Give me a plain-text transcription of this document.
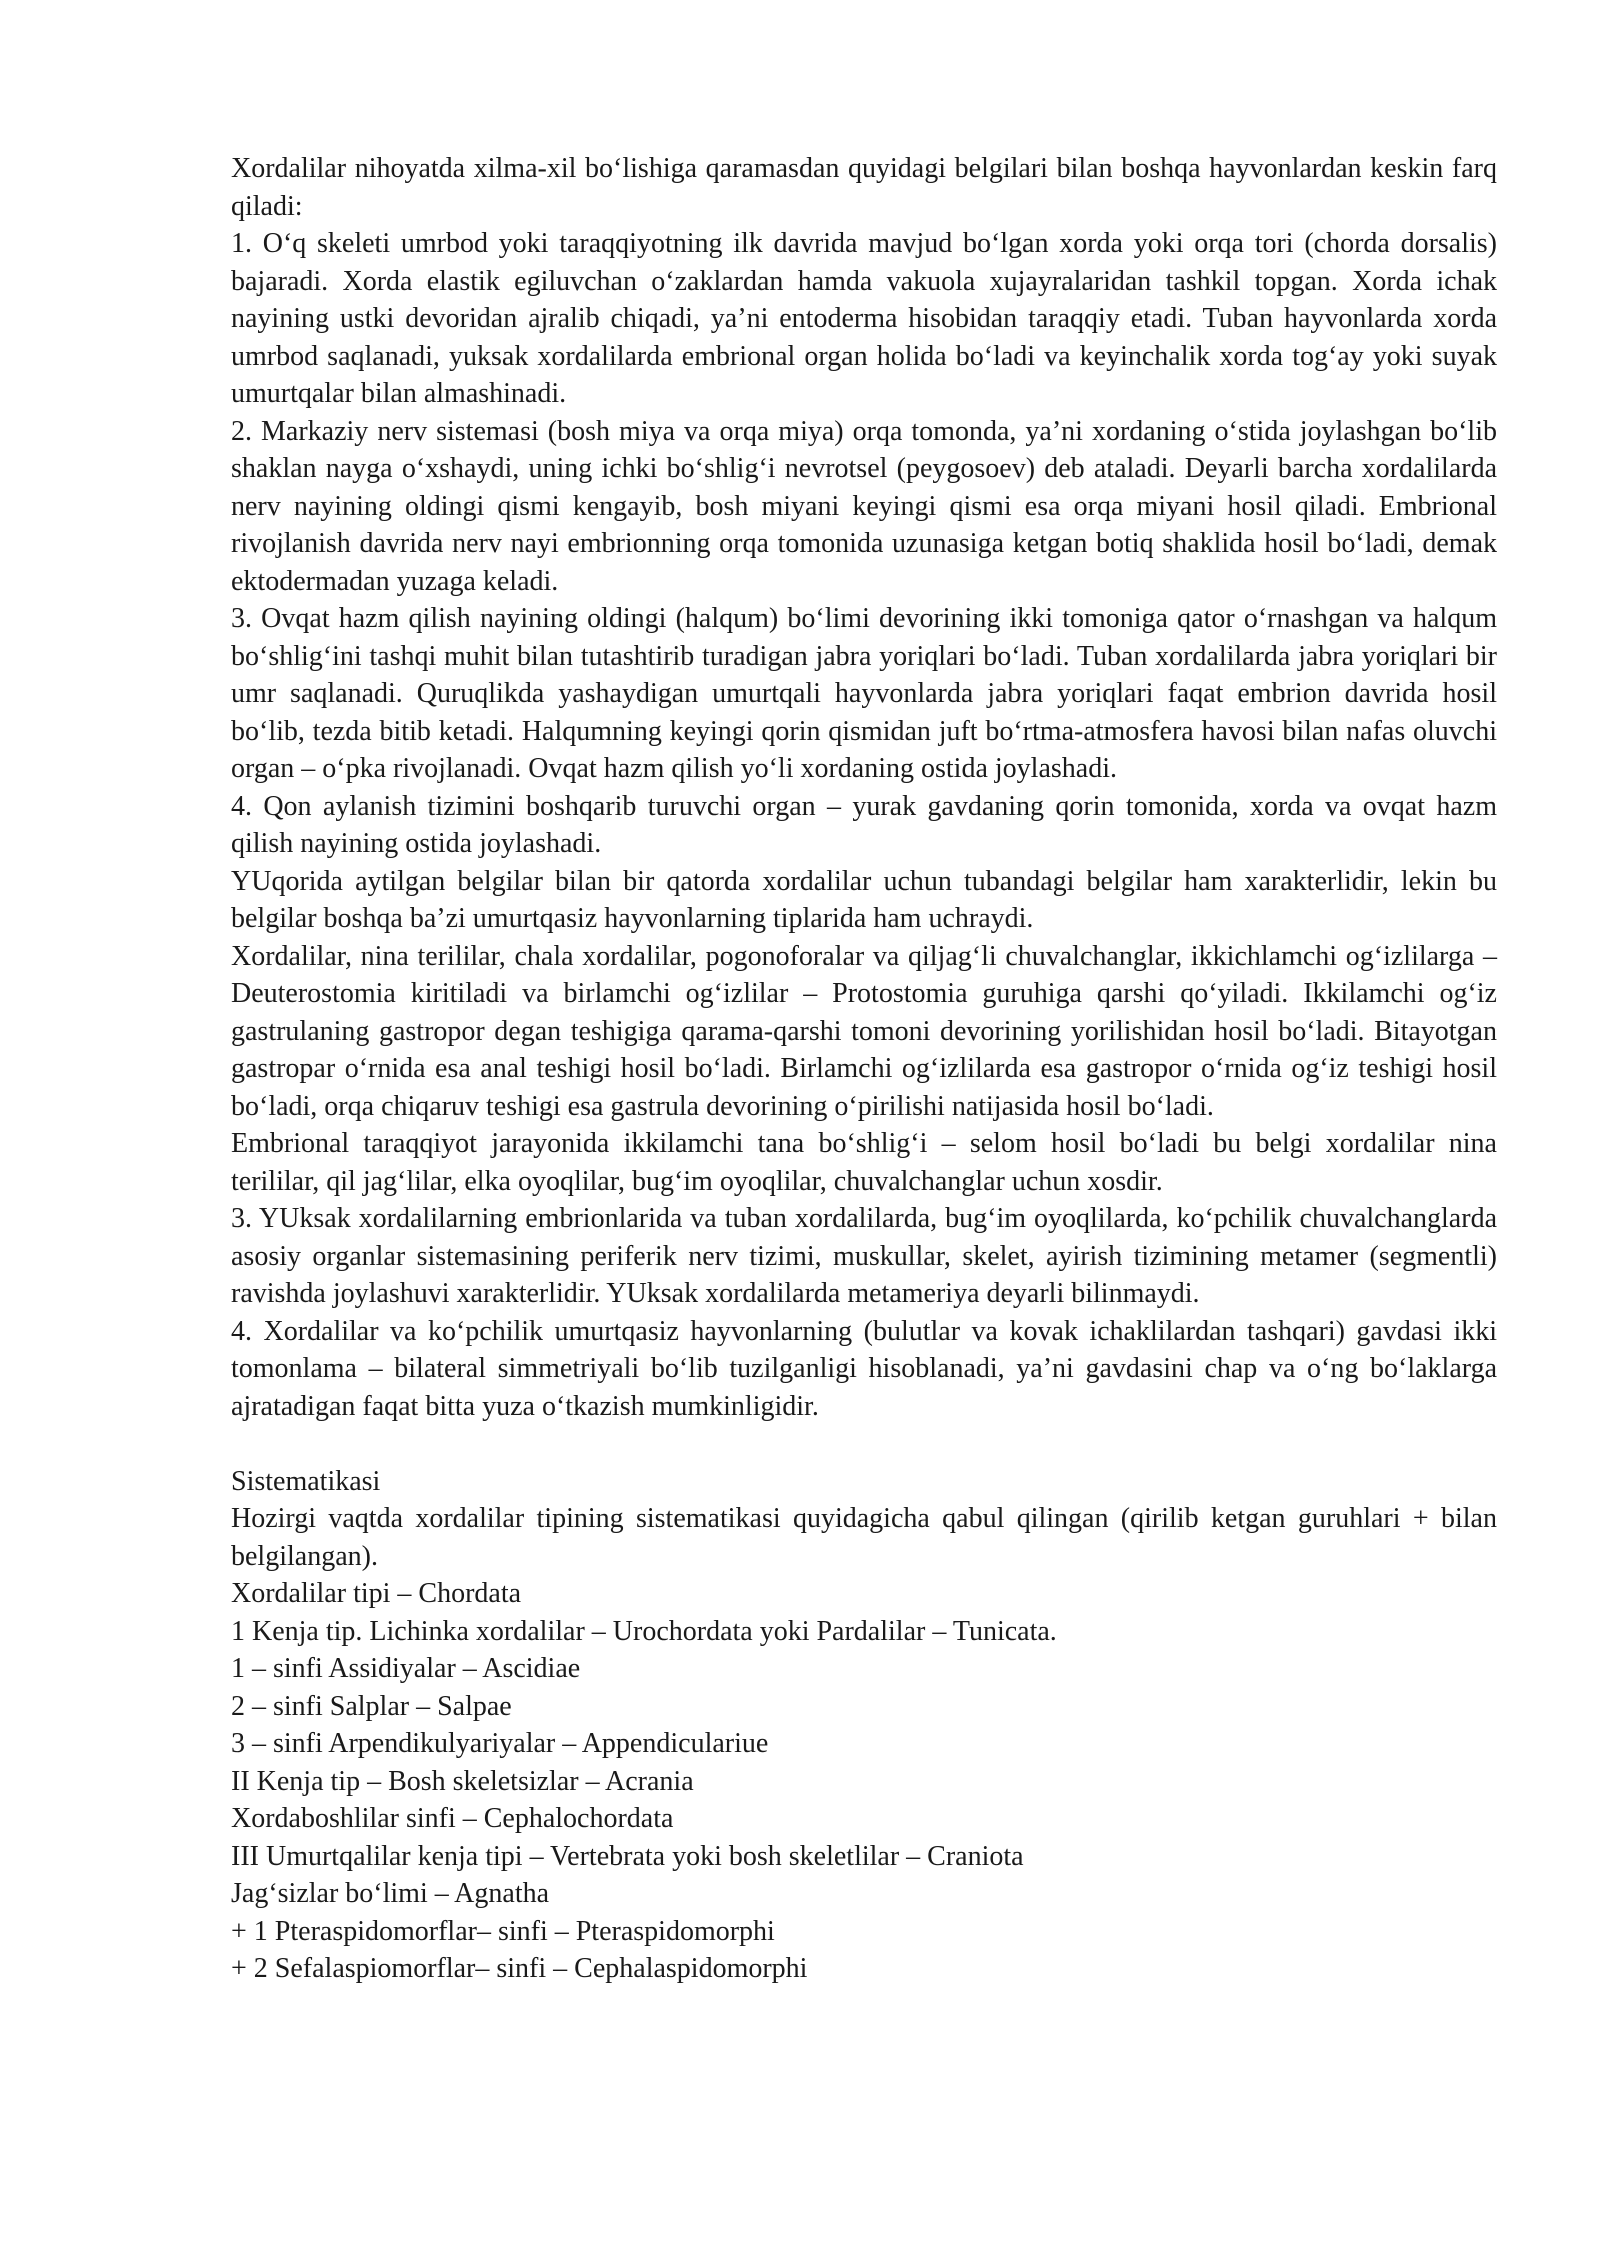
Xordalilar nihoyatda xilma-xil bo‘lishiga qaramasdan quyidagi belgilari bilan boshqa hayvonlardan keskin farq qiladi:

1. O‘q skeleti umrbod yoki taraqqiyotning ilk davrida mavjud bo‘lgan xorda yoki orqa tori (chorda dorsalis) bajaradi. Xorda elastik egiluvchan o‘zaklardan hamda vakuola xujayralaridan tashkil topgan. Xorda ichak nayining ustki devoridan ajralib chiqadi, ya’ni entoderma hisobidan taraqqiy etadi. Tuban hayvonlarda xorda umrbod saqlanadi, yuksak xordalilarda embrional organ holida bo‘ladi va keyinchalik xorda tog‘ay yoki suyak umurtqalar bilan almashinadi.

2. Markaziy nerv sistemasi (bosh miya va orqa miya) orqa tomonda, ya’ni xordaning o‘stida joylashgan bo‘lib shaklan nayga o‘xshaydi, uning ichki bo‘shlig‘i nevrotsel (peygosoev) deb ataladi. Deyarli barcha xordalilarda nerv nayining oldingi qismi kengayib, bosh miyani keyingi qismi esa orqa miyani hosil qiladi. Embrional rivojlanish davrida nerv nayi embrionning orqa tomonida uzunasiga ketgan botiq shaklida hosil bo‘ladi, demak ektodermadan yuzaga keladi.

3. Ovqat hazm qilish nayining oldingi (halqum) bo‘limi devorining ikki tomoniga qator o‘rnashgan va halqum bo‘shlig‘ini tashqi muhit bilan tutashtirib turadigan jabra yoriqlari bo‘ladi. Tuban xordalilarda jabra yoriqlari bir umr saqlanadi. Quruqlikda yashaydigan umurtqali hayvonlarda jabra yoriqlari faqat embrion davrida hosil bo‘lib, tezda bitib ketadi. Halqumning keyingi qorin qismidan juft bo‘rtma-atmosfera havosi bilan nafas oluvchi organ – o‘pka rivojlanadi. Ovqat hazm qilish yo‘li xordaning ostida joylashadi.

4. Qon aylanish tizimini boshqarib turuvchi organ – yurak gavdaning qorin tomonida, xorda va ovqat hazm qilish nayining ostida joylashadi.

YUqorida aytilgan belgilar bilan bir qatorda xordalilar uchun tubandagi belgilar ham xarakterlidir, lekin bu belgilar boshqa ba’zi umurtqasiz hayvonlarning tiplarida ham uchraydi.

Xordalilar, nina terililar, chala xordalilar, pogonoforalar va qiljag‘li chuvalchanglar, ikkichlamchi og‘izlilarga – Deuterostomia kiritiladi va birlamchi og‘izlilar – Protostomia guruhiga qarshi qo‘yiladi. Ikkilamchi og‘iz gastrulaning gastropor degan teshigiga qarama-qarshi tomoni devorining yorilishidan hosil bo‘ladi. Bitayotgan gastropar o‘rnida esa anal teshigi hosil bo‘ladi. Birlamchi og‘izlilarda esa gastropor o‘rnida og‘iz teshigi hosil bo‘ladi, orqa chiqaruv teshigi esa gastrula devorining o‘pirilishi natijasida hosil bo‘ladi.

Embrional taraqqiyot jarayonida ikkilamchi tana bo‘shlig‘i – selom hosil bo‘ladi bu belgi xordalilar nina terililar, qil jag‘lilar, elka oyoqlilar, bug‘im oyoqlilar, chuvalchanglar uchun xosdir.

3. YUksak xordalilarning embrionlarida va tuban xordalilarda, bug‘im oyoqlilarda, ko‘pchilik chuvalchanglarda asosiy organlar sistemasining periferik nerv tizimi, muskullar, skelet, ayirish tizimining metamer (segmentli) ravishda joylashuvi xarakterlidir. YUksak xordalilarda metameriya deyarli bilinmaydi.

4. Xordalilar va ko‘pchilik umurtqasiz hayvonlarning (bulutlar va kovak ichaklilardan tashqari) gavdasi ikki tomonlama – bilateral simmetriyali bo‘lib tuzilganligi hisoblanadi, ya’ni gavdasini chap va o‘ng bo‘laklarga ajratadigan faqat bitta yuza o‘tkazish mumkinligidir.

Sistematikasi

Hozirgi vaqtda xordalilar tipining sistematikasi quyidagicha qabul qilingan (qirilib ketgan guruhlari + bilan belgilangan).

Xordalilar tipi – Chordata

1 Kenja tip. Lichinka xordalilar – Urochordata yoki Pardalilar – Tunicata.

1 – sinfi Assidiyalar – Ascidiae

2 – sinfi Salplar – Salpae

3 – sinfi Arpendikulyariyalar – Appendiculariue

II Kenja tip – Bosh skeletsizlar – Acrania

Xordaboshlilar sinfi – Cephalochordata

III Umurtqalilar kenja tipi – Vertebrata yoki bosh skeletlilar – Craniota

Jag‘sizlar bo‘limi – Agnatha

+ 1 Pteraspidomorflar– sinfi – Pteraspidomorphi

+ 2 Sefalaspiomorflar– sinfi – Cephalaspidomorphi
